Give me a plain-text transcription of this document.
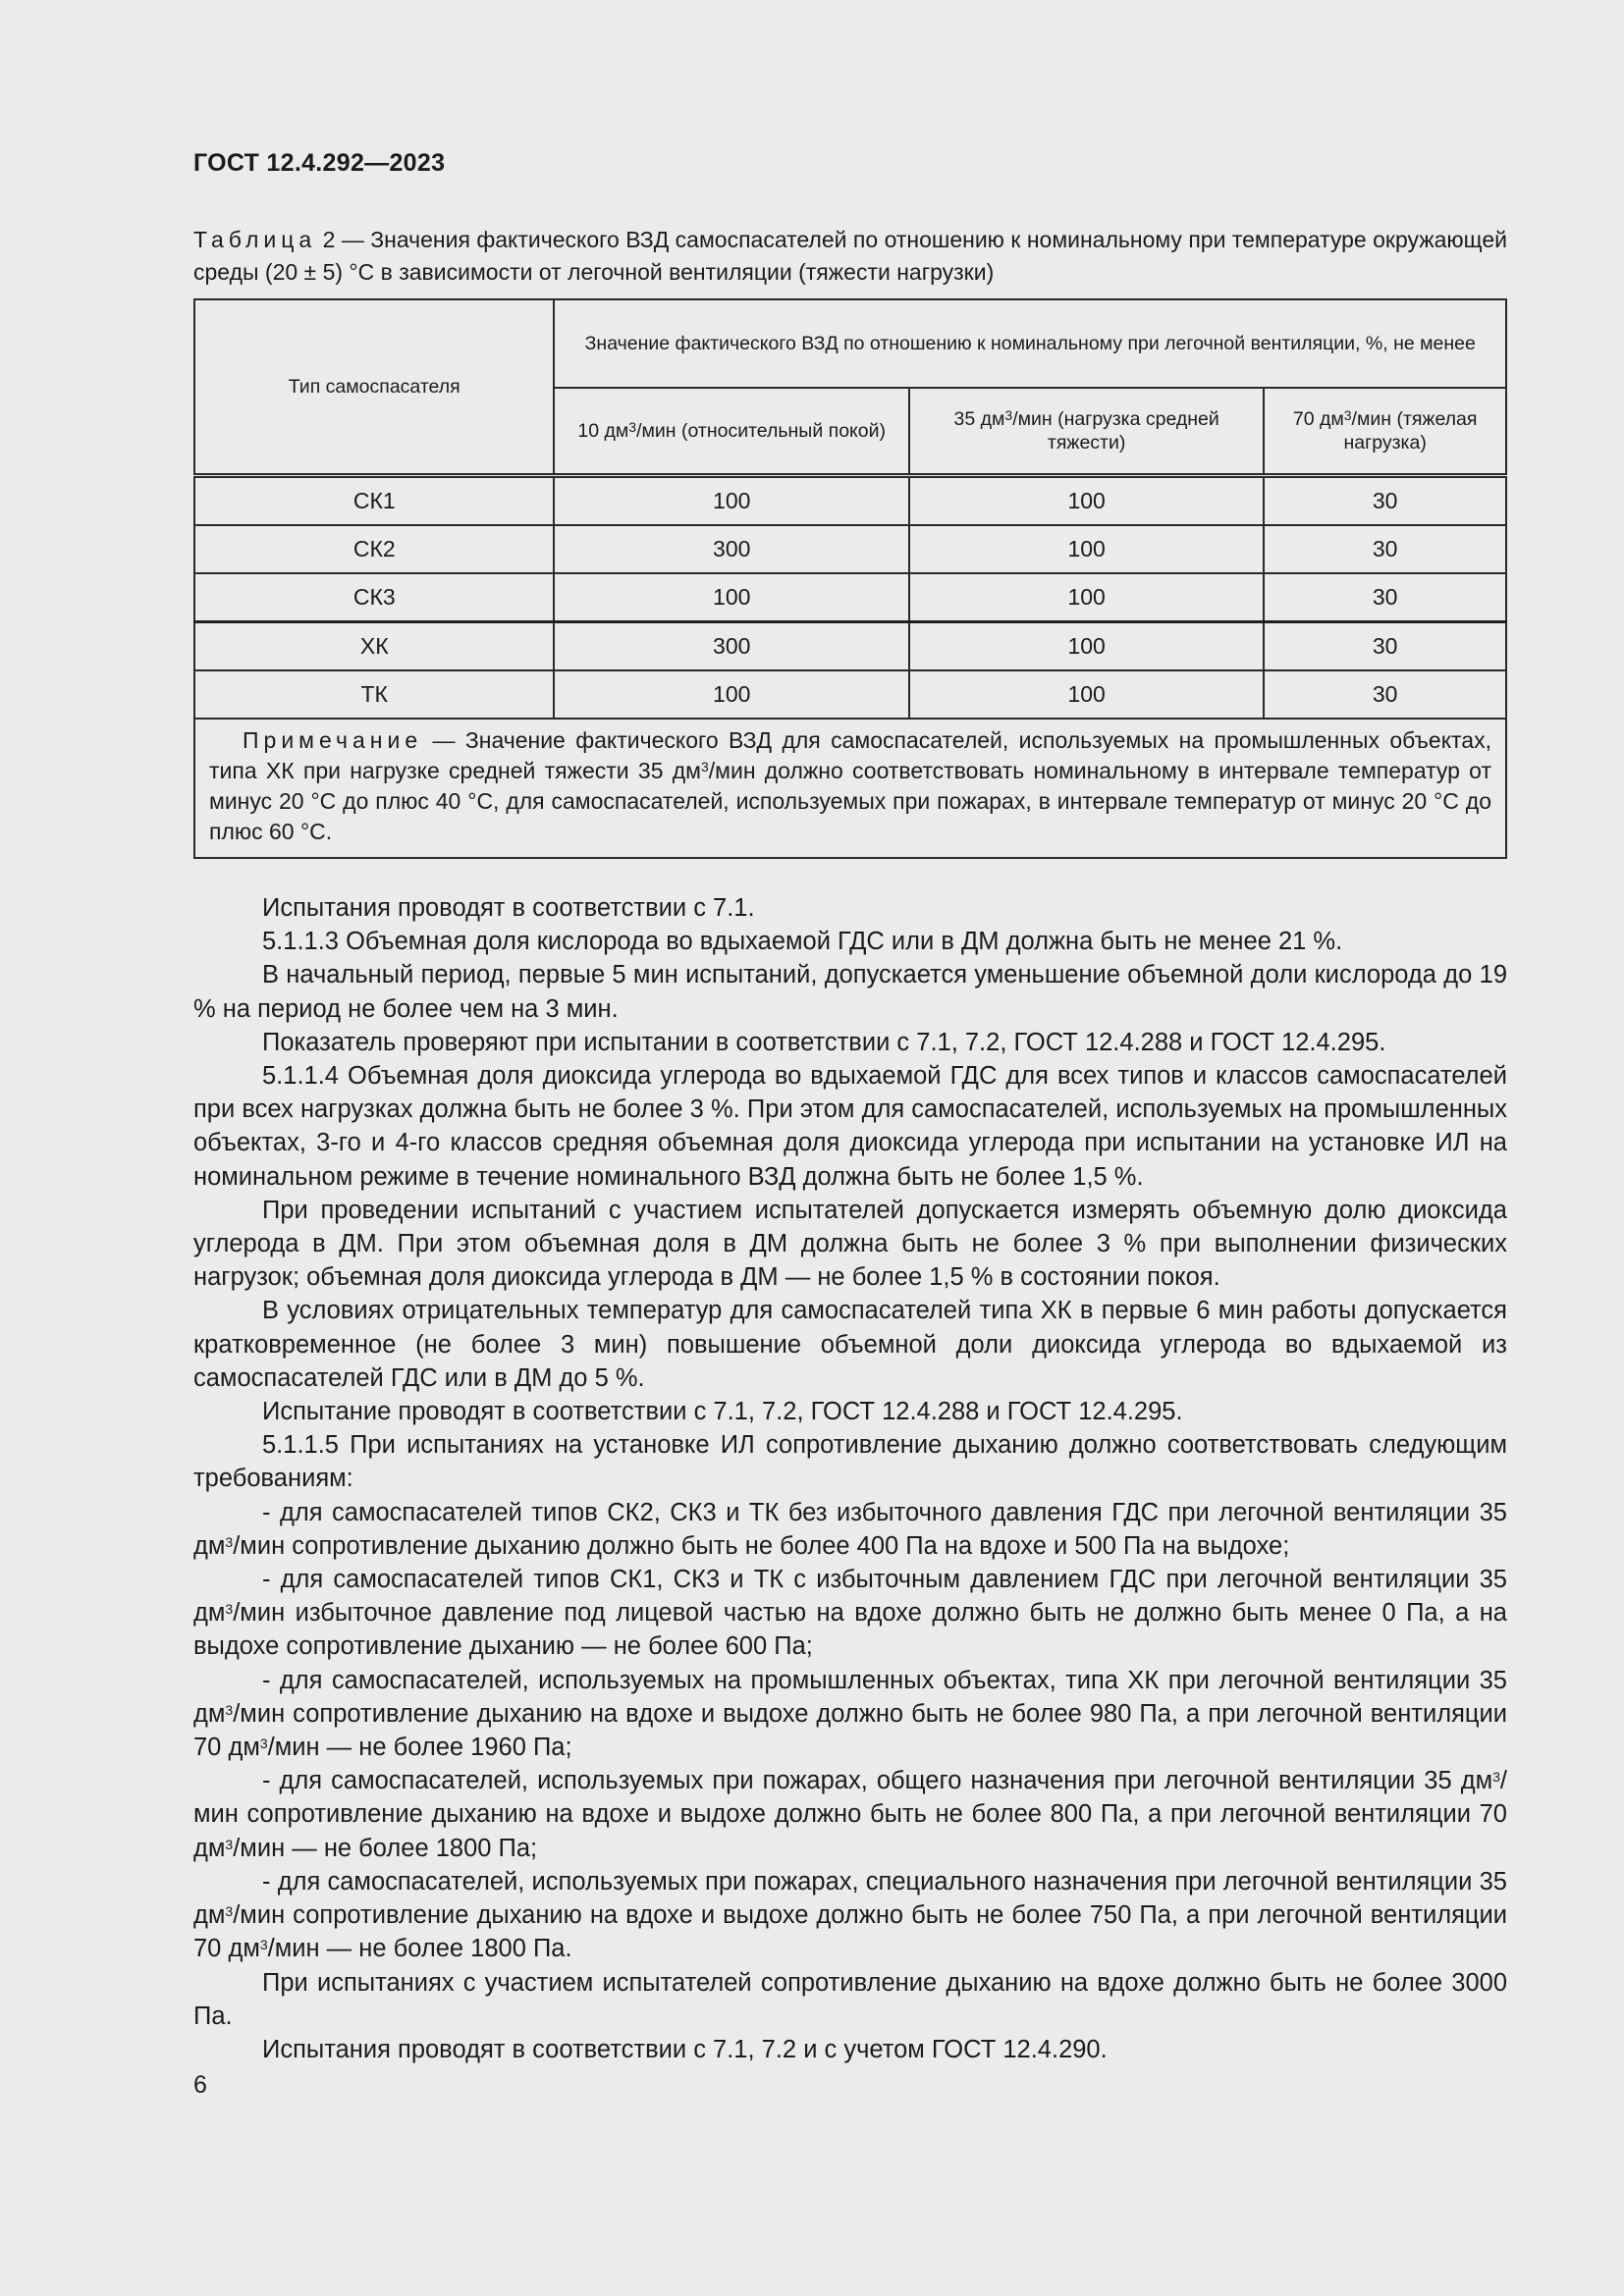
ГОСТ 12.4.292—2023
Таблица 2 — Значения фактического ВЗД самоспасателей по отношению к номинальному при температуре окружающей среды (20 ± 5) °С в зависимости от легочной вентиляции (тяжести нагрузки)
Тип самоспасателя	Значение фактического ВЗД по отношению к номинальному при легочной вентиляции, %, не менее		
	10 $дм^3$/мин (относительный покой)	35 $дм^3$/мин (нагрузка средней тяжести)	70 $дм^3$/мин (тяжелая нагрузка)
СК1	100	100	30
СК2	300	100	30
СК3	100	100	30
ХК	300	100	30
ТК	100	100	30
Примечание — Значение фактического ВЗД для самоспасателей, используемых на промышленных объектах, типа ХК при нагрузке средней тяжести 35 $дм^3$/мин должно соответствовать номинальному в интервале температур от минус 20 °С до плюс 40 °С, для самоспасателей, используемых при пожарах, в интервале температур от минус 20 °С до плюс 60 °С.			

Испытания проводят в соответствии с 7.1.

5.1.1.3 Объемная доля кислорода во вдыхаемой ГДС или в ДМ должна быть не менее 21 %.

В начальный период, первые 5 мин испытаний, допускается уменьшение объемной доли кислорода до 19 % на период не более чем на 3 мин.

Показатель проверяют при испытании в соответствии с 7.1, 7.2, ГОСТ 12.4.288 и ГОСТ 12.4.295.

5.1.1.4 Объемная доля диоксида углерода во вдыхаемой ГДС для всех типов и классов самоспасателей при всех нагрузках должна быть не более 3 %. При этом для самоспасателей, используемых на промышленных объектах, 3-го и 4-го классов средняя объемная доля диоксида углерода при испытании на установке ИЛ на номинальном режиме в течение номинального ВЗД должна быть не более 1,5 %.

При проведении испытаний с участием испытателей допускается измерять объемную долю диоксида углерода в ДМ. При этом объемная доля в ДМ должна быть не более 3 % при выполнении физических нагрузок; объемная доля диоксида углерода в ДМ — не более 1,5 % в состоянии покоя.

В условиях отрицательных температур для самоспасателей типа ХК в первые 6 мин работы допускается кратковременное (не более 3 мин) повышение объемной доли диоксида углерода во вдыхаемой из самоспасателей ГДС или в ДМ до 5 %.

Испытание проводят в соответствии с 7.1, 7.2, ГОСТ 12.4.288 и ГОСТ 12.4.295.

5.1.1.5 При испытаниях на установке ИЛ сопротивление дыханию должно соответствовать следующим требованиям:

- для самоспасателей типов СК2, СК3 и ТК без избыточного давления ГДС при легочной вентиляции 35 $дм^3$/мин сопротивление дыханию должно быть не более 400 Па на вдохе и 500 Па на выдохе;

- для самоспасателей типов СК1, СК3 и ТК с избыточным давлением ГДС при легочной вентиляции 35 $дм^3$/мин избыточное давление под лицевой частью на вдохе должно быть не должно быть менее 0 Па, а на выдохе сопротивление дыханию — не более 600 Па;

- для самоспасателей, используемых на промышленных объектах, типа ХК при легочной вентиляции 35 $дм^3$/мин сопротивление дыханию на вдохе и выдохе должно быть не более 980 Па, а при легочной вентиляции 70 $дм^3$/мин — не более 1960 Па;

- для самоспасателей, используемых при пожарах, общего назначения при легочной вентиляции 35 $дм^3$/мин сопротивление дыханию на вдохе и выдохе должно быть не более 800 Па, а при легочной вентиляции 70 $дм^3$/мин — не более 1800 Па;

- для самоспасателей, используемых при пожарах, специального назначения при легочной вентиляции 35 $дм^3$/мин сопротивление дыханию на вдохе и выдохе должно быть не более 750 Па, а при легочной вентиляции 70 $дм^3$/мин — не более 1800 Па.

При испытаниях с участием испытателей сопротивление дыханию на вдохе должно быть не более 3000 Па.

Испытания проводят в соответствии с 7.1, 7.2 и с учетом ГОСТ 12.4.290.

6
